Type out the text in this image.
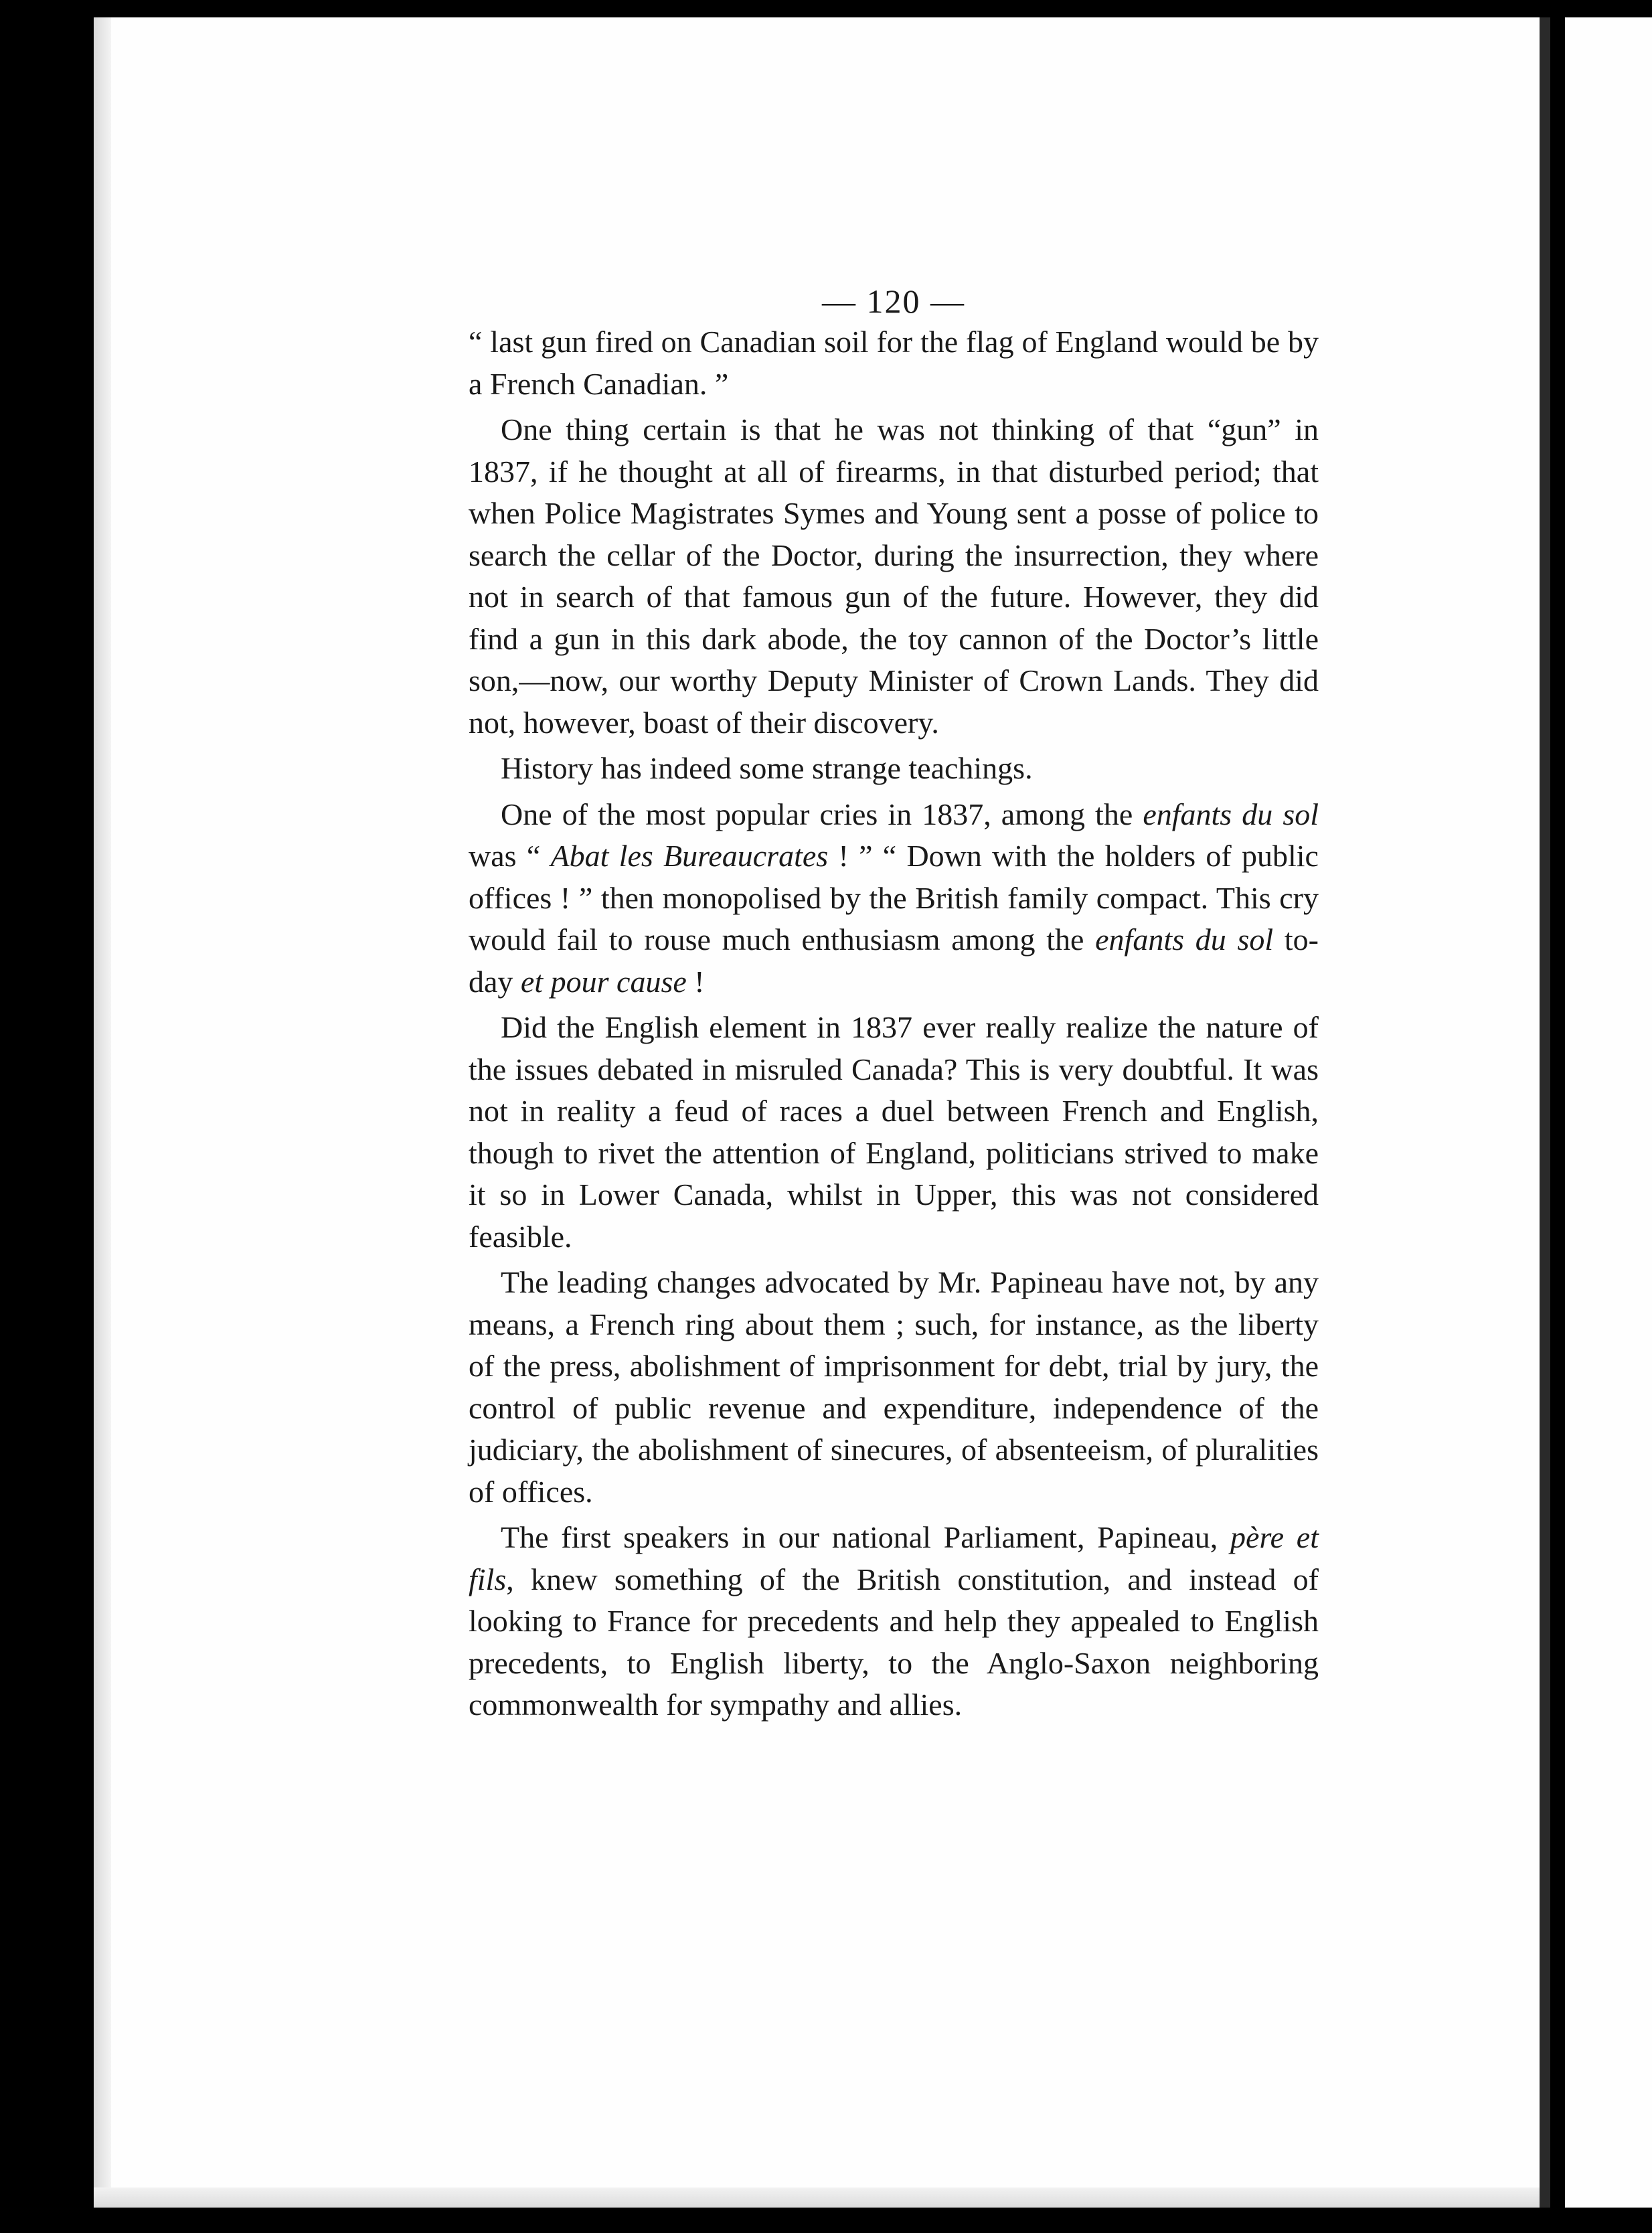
— 120 —

“ last gun fired on Canadian soil for the flag of England would be by a French Canadian. ”

One thing certain is that he was not thinking of that “gun” in 1837, if he thought at all of firearms, in that disturbed period; that when Police Magistrates Symes and Young sent a posse of police to search the cellar of the Doctor, during the insurrection, they where not in search of that famous gun of the future. However, they did find a gun in this dark abode, the toy cannon of the Doctor’s little son,—now, our worthy Deputy Minister of Crown Lands. They did not, however, boast of their discovery.

History has indeed some strange teachings.

One of the most popular cries in 1837, among the enfants du sol was “ Abat les Bureaucrates ! ” “ Down with the holders of public offices ! ” then monopolised by the British family compact. This cry would fail to rouse much enthusiasm among the enfants du sol to-day et pour cause !

Did the English element in 1837 ever really realize the nature of the issues debated in misruled Canada? This is very doubtful. It was not in reality a feud of races a duel between French and English, though to rivet the attention of England, politicians strived to make it so in Lower Canada, whilst in Upper, this was not considered feasible.

The leading changes advocated by Mr. Papineau have not, by any means, a French ring about them ; such, for instance, as the liberty of the press, abolishment of imprisonment for debt, trial by jury, the control of public revenue and expenditure, independence of the judiciary, the abolishment of sinecures, of absenteeism, of pluralities of offices.

The first speakers in our national Parliament, Papineau, père et fils, knew something of the British constitution, and instead of looking to France for precedents and help they appealed to English precedents, to English liberty, to the Anglo-Saxon neighboring commonwealth for sympathy and allies.
